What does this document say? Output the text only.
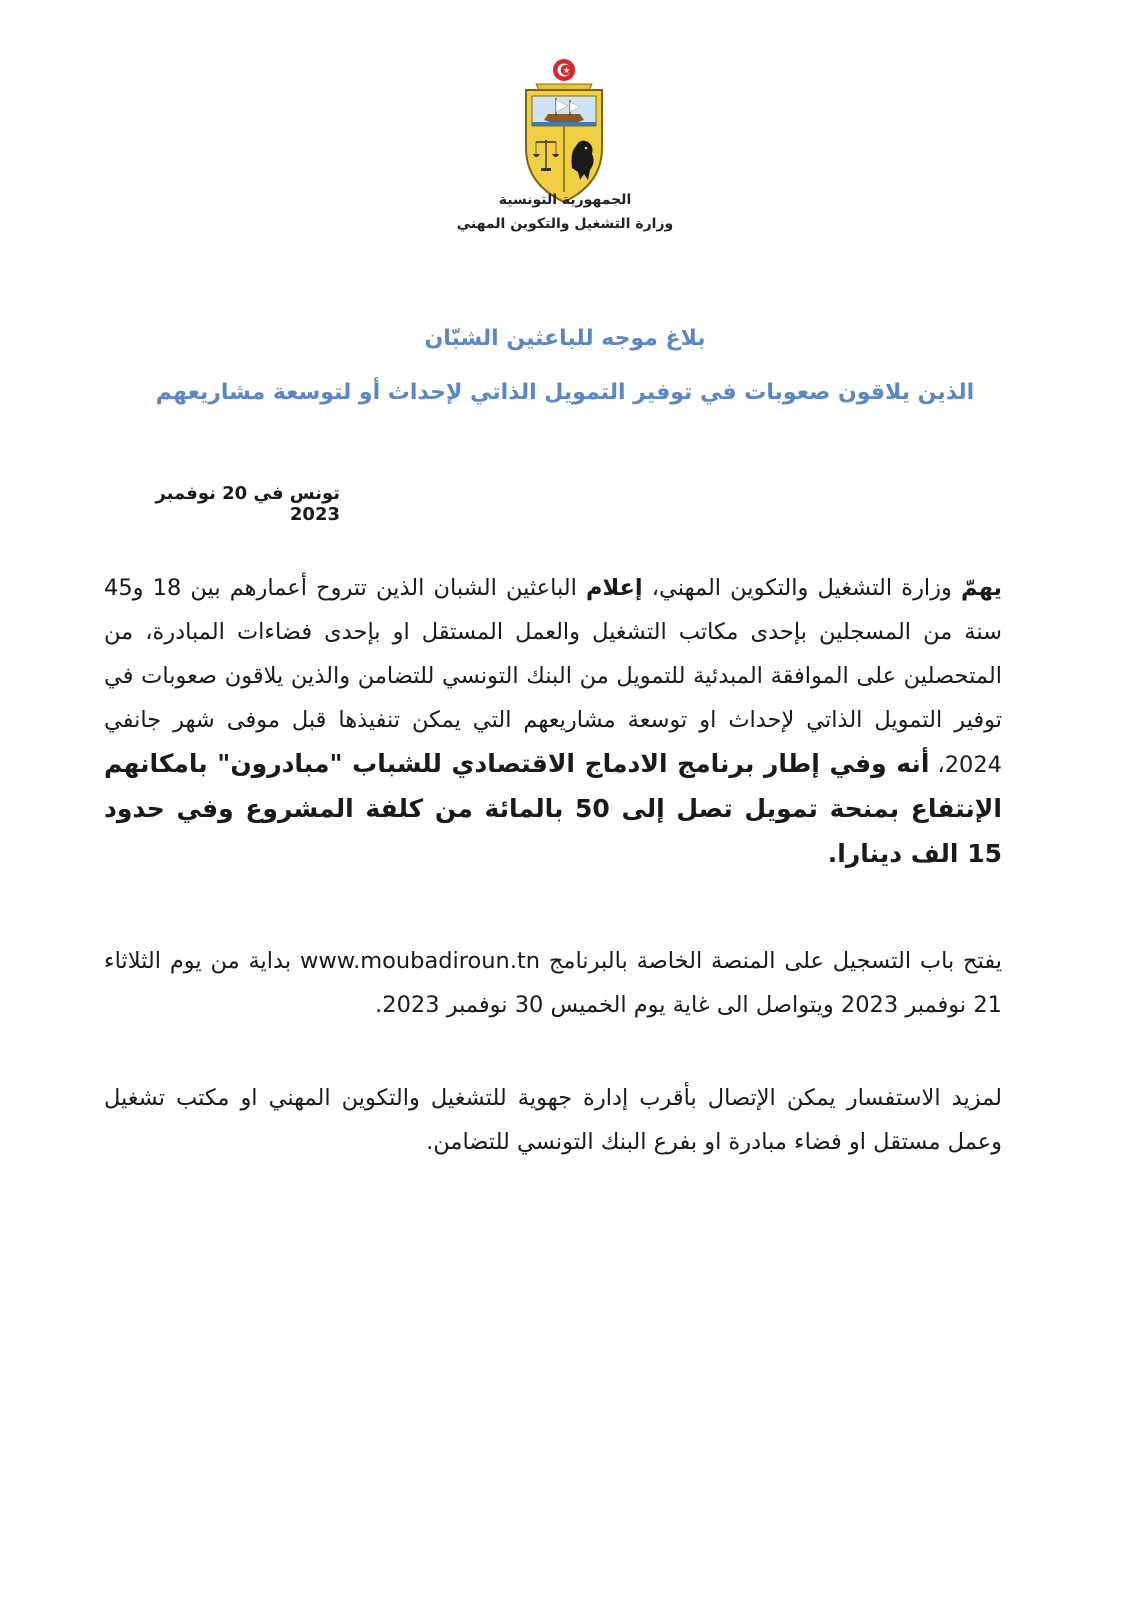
الجمهورية التونسية
وزارة التشغيل والتكوين المهني
بلاغ موجه للباعثين الشبّان
الذين يلاقون صعوبات في توفير التمويل الذاتي لإحداث أو لتوسعة مشاريعهم
تونس في 20 نوفمبر 2023
يهمّ وزارة التشغيل والتكوين المهني، إعلام الباعثين الشبان الذين تتروح أعمارهم بين 18 و45 سنة من المسجلين بإحدى مكاتب التشغيل والعمل المستقل او بإحدى فضاءات المبادرة، من المتحصلين على الموافقة المبدئية للتمويل من البنك التونسي للتضامن والذين يلاقون صعوبات في توفير التمويل الذاتي لإحداث او توسعة مشاريعهم التي يمكن تنفيذها قبل موفى شهر جانفي 2024، أنه وفي إطار برنامج الادماج الاقتصادي للشباب "مبادرون" بامكانهم الإنتفاع بمنحة تمويل تصل إلى 50 بالمائة من كلفة المشروع وفي حدود 15 الف دينارا.
يفتح باب التسجيل على المنصة الخاصة بالبرنامج www.moubadiroun.tn بداية من يوم الثلاثاء 21 نوفمبر 2023 ويتواصل الى غاية يوم الخميس 30 نوفمبر 2023.
لمزيد الاستفسار يمكن الإتصال بأقرب إدارة جهوية للتشغيل والتكوين المهني او مكتب تشغيل وعمل مستقل او فضاء مبادرة او بفرع البنك التونسي للتضامن.
